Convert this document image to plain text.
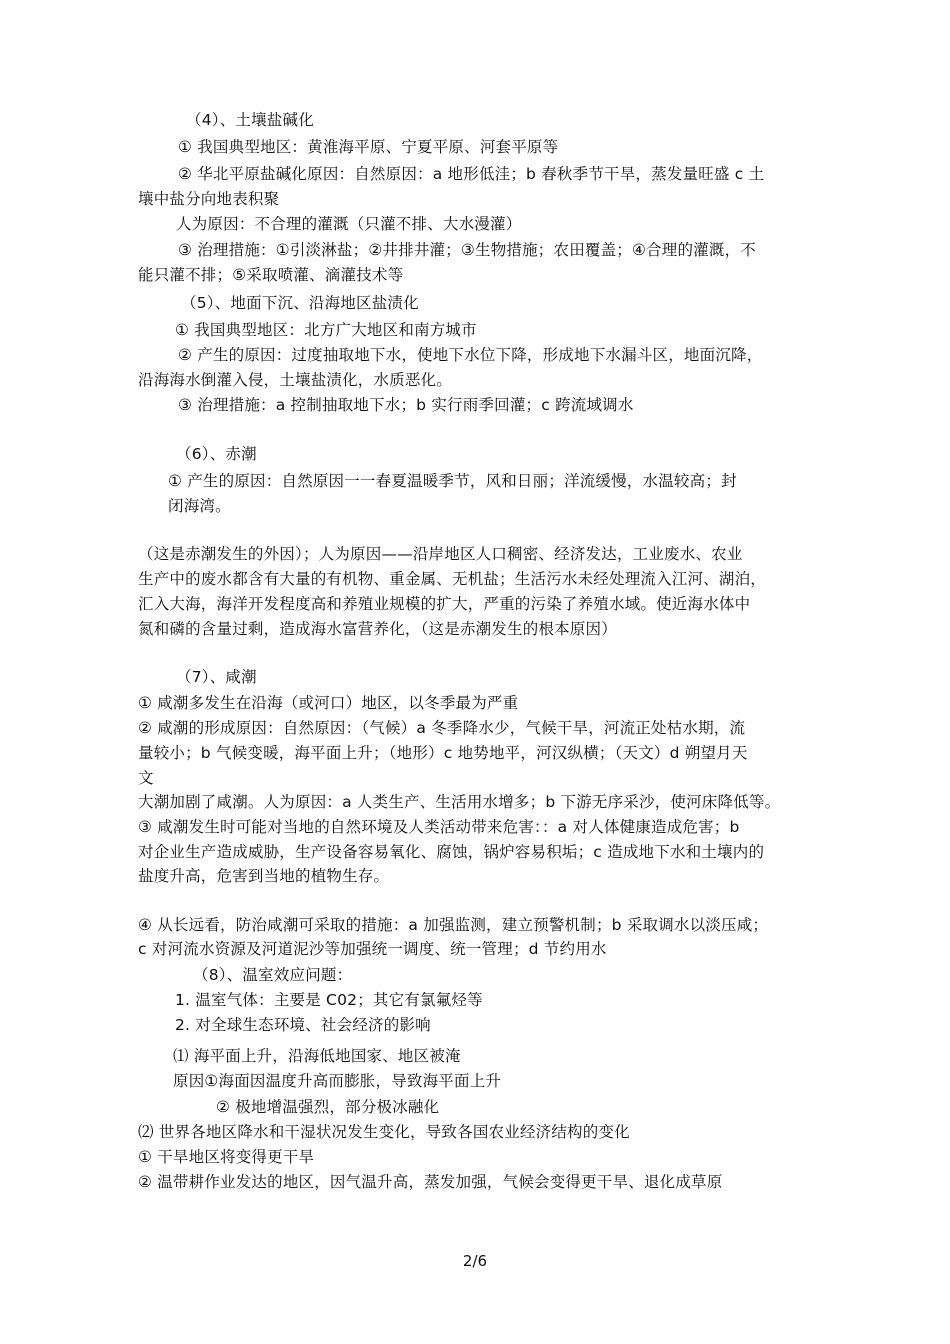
（4）、土壤盐碱化
① 我国典型地区：黄淮海平原、宁夏平原、河套平原等
② 华北平原盐碱化原因：自然原因：a 地形低洼；b 春秋季节干旱，蒸发量旺盛 c 土
壤中盐分向地表积聚
人为原因：不合理的灌溉（只灌不排、大水漫灌）
③ 治理措施：①引淡淋盐；②井排井灌；③生物措施；农田覆盖；④合理的灌溉，不
能只灌不排；⑤采取喷灌、滴灌技术等
（5）、地面下沉、沿海地区盐渍化
① 我国典型地区：北方广大地区和南方城市
② 产生的原因：过度抽取地下水，使地下水位下降，形成地下水漏斗区，地面沉降，
沿海海水倒灌入侵，土壤盐渍化，水质恶化。
③ 治理措施：a 控制抽取地下水；b 实行雨季回灌；c 跨流域调水
（6）、赤潮
① 产生的原因：自然原因一一春夏温暖季节，风和日丽；洋流缓慢，水温较高；封
闭海湾。
（这是赤潮发生的外因）；人为原因——沿岸地区人口稠密、经济发达，工业废水、农业
生产中的废水都含有大量的有机物、重金属、无机盐；生活污水未经处理流入江河、湖泊，
汇入大海，海洋开发程度高和养殖业规模的扩大，严重的污染了养殖水域。使近海水体中
氮和磷的含量过剩，造成海水富营养化，（这是赤潮发生的根本原因）
（7）、咸潮
① 咸潮多发生在沿海（或河口）地区，以冬季最为严重
② 咸潮的形成原因：自然原因：（气候）a 冬季降水少，气候干旱，河流正处枯水期，流
量较小；b 气候变暖，海平面上升；（地形）c 地势地平，河汉纵横；（天文）d 朔望月天
文
大潮加剧了咸潮。人为原因：a 人类生产、生活用水增多；b 下游无序采沙，使河床降低等。
③ 咸潮发生时可能对当地的自然环境及人类活动带来危害：：a 对人体健康造成危害；b
对企业生产造成威胁，生产设备容易氧化、腐蚀，锅炉容易积垢；c 造成地下水和土壤内的
盐度升高，危害到当地的植物生存。
④ 从长远看，防治咸潮可采取的措施：a 加强监测，建立预警机制；b 采取调水以淡压咸；
c 对河流水资源及河道泥沙等加强统一调度、统一管理；d 节约用水
（8）、温室效应问题：
1. 温室气体：主要是 C02；其它有氯氟烃等
2. 对全球生态环境、社会经济的影响
⑴ 海平面上升，沿海低地国家、地区被淹
原因①海面因温度升高而膨胀，导致海平面上升
② 极地增温强烈，部分极冰融化
⑵ 世界各地区降水和干湿状况发生变化，导致各国农业经济结构的变化
① 干旱地区将变得更干旱
② 温带耕作业发达的地区，因气温升高，蒸发加强，气候会变得更干旱、退化成草原
2/6
